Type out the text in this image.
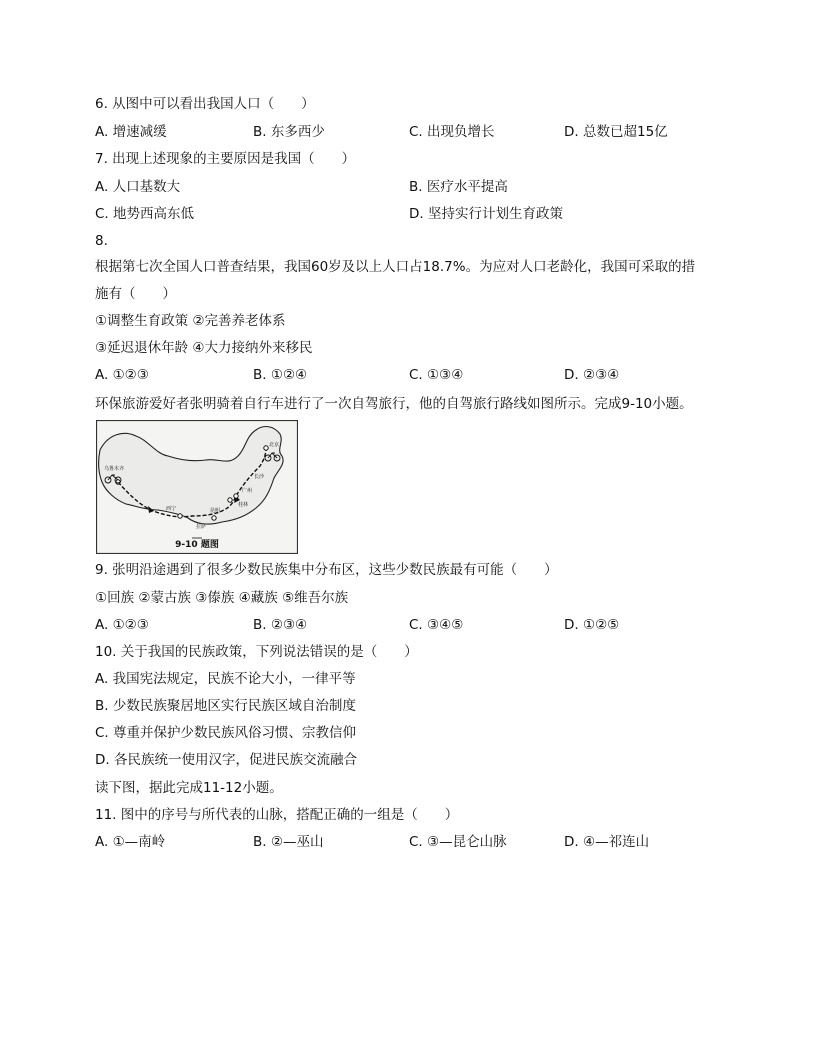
6. 从图中可以看出我国人口（　　）
A. 增速减缓	B. 东多西少	C. 出现负增长	D. 总数已超15亿
7. 出现上述现象的主要原因是我国（　　）
A. 人口基数大	B. 医疗水平提高
C. 地势西高东低	D. 坚持实行计划生育政策
8.
根据第七次全国人口普查结果，我国60岁及以上人口占18.7%。为应对人口老龄化，我国可采取的措
施有（　　）
①调整生育政策 ②完善养老体系
③延迟退休年龄 ④大力接纳外来移民
A. ①②③	B. ①②④	C. ①③④	D. ②③④
环保旅游爱好者张明骑着自行车进行了一次自驾旅行，他的自驾旅行路线如图所示。完成9-10小题。
乌鲁木齐
西宁
拉萨
昆明
桂林
广州
长沙
北京
9-10 题图
9. 张明沿途遇到了很多少数民族集中分布区，这些少数民族最有可能（　　）
①回族 ②蒙古族 ③傣族 ④藏族 ⑤维吾尔族
A. ①②③	B. ②③④	C. ③④⑤	D. ①②⑤
10. 关于我国的民族政策，下列说法错误的是（　　）
A. 我国宪法规定，民族不论大小，一律平等
B. 少数民族聚居地区实行民族区域自治制度
C. 尊重并保护少数民族风俗习惯、宗教信仰
D. 各民族统一使用汉字，促进民族交流融合
读下图，据此完成11-12小题。
11. 图中的序号与所代表的山脉，搭配正确的一组是（　　）
A. ①—南岭	B. ②—巫山	C. ③—昆仑山脉	D. ④—祁连山
